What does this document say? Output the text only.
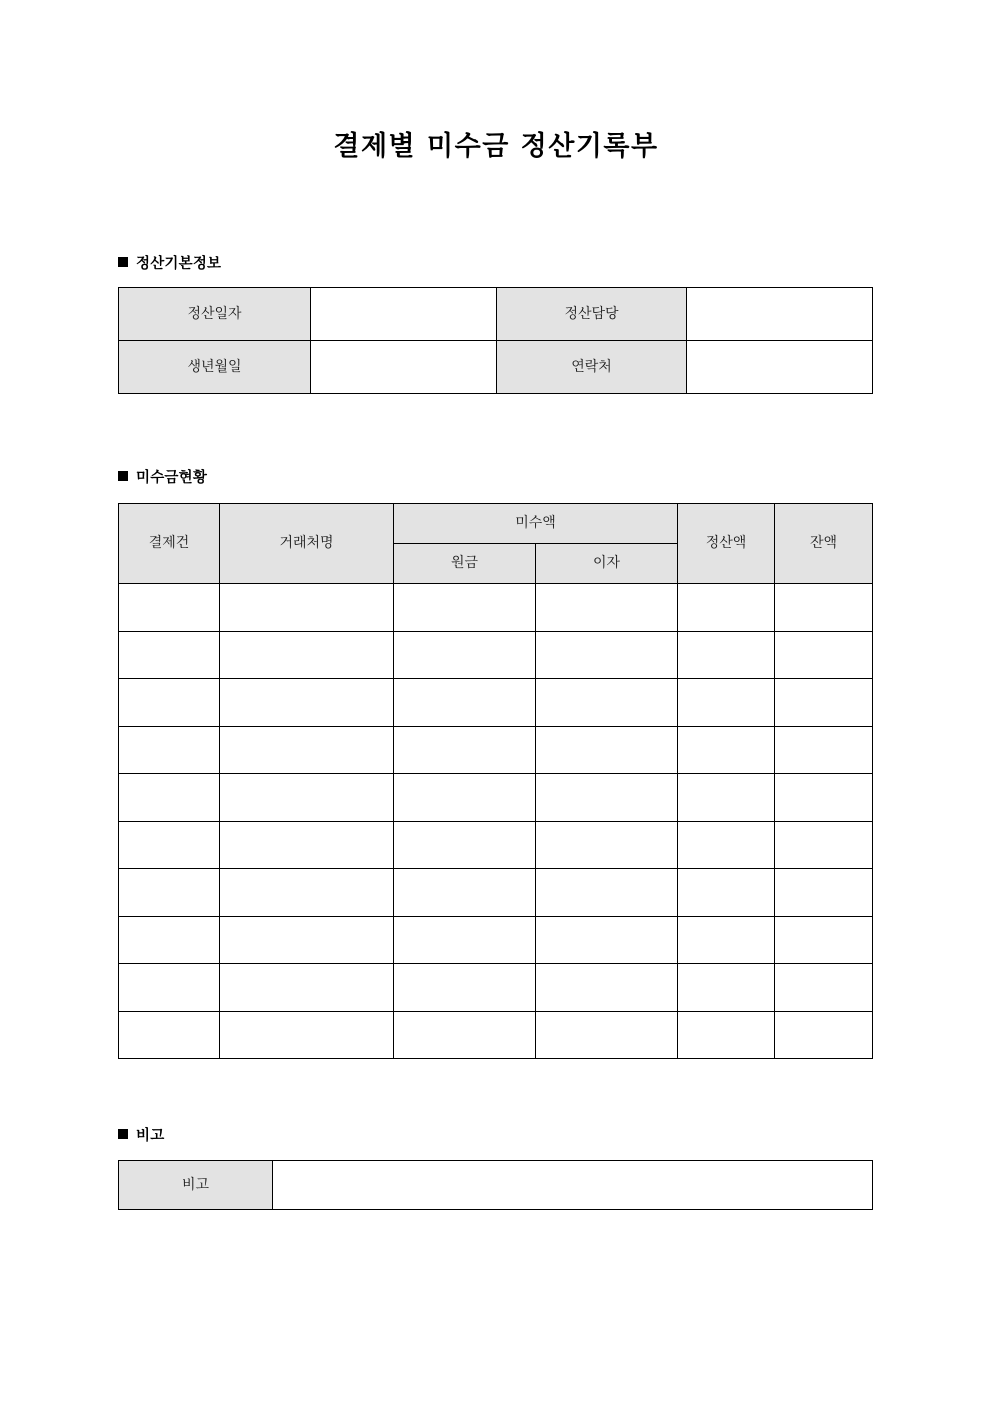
결제별 미수금 정산기록부
정산기본정보
정산일자		정산담당	
생년월일		연락처	
미수금현황
결제건	거래처명	미수액		정산액	잔액
		원금	이자		

비고
비고	
